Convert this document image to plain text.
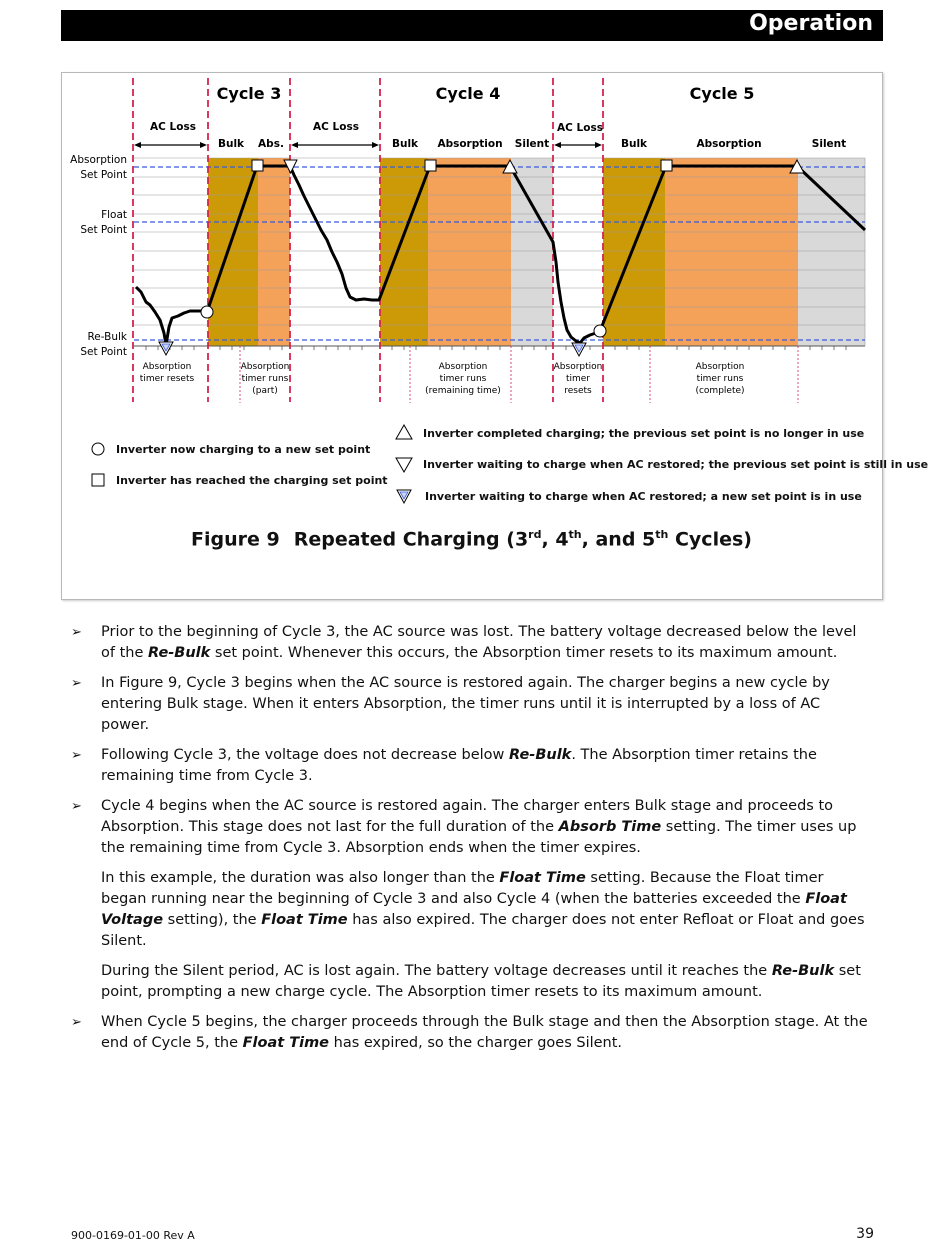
Operation
Cycle 3	Cycle 4	Cycle 5
AC Loss	AC Loss	AC Loss
Bulk Abs.	Bulk Absorption Silent	Bulk	Absorption	Silent
Absorption
Set Point
Float
Set Point
Re-Bulk
Set Point
Absorption
timer resets
Absorption
timer runs
(part)
Absorption
timer runs
(remaining time)
Absorption
timer
resets
Absorption
timer runs
(complete)
Inverter now charging to a new set point
Inverter has reached the charging set point
Inverter completed charging; the previous set point is no longer in use
Inverter waiting to charge when AC restored; the previous set point is still in use
Inverter waiting to charge when AC restored; a new set point is in use
Figure 9 Repeated Charging (3rd, 4th, and 5th Cycles)
➢ Prior to the beginning of Cycle 3, the AC source was lost. The battery voltage decreased below the level of the Re-Bulk set point. Whenever this occurs, the Absorption timer resets to its maximum amount.
➢ In Figure 9, Cycle 3 begins when the AC source is restored again. The charger begins a new cycle by entering Bulk stage. When it enters Absorption, the timer runs until it is interrupted by a loss of AC power.
➢ Following Cycle 3, the voltage does not decrease below Re-Bulk. The Absorption timer retains the remaining time from Cycle 3.
➢ Cycle 4 begins when the AC source is restored again. The charger enters Bulk stage and proceeds to Absorption. This stage does not last for the full duration of the Absorb Time setting. The timer uses up the remaining time from Cycle 3. Absorption ends when the timer expires.
In this example, the duration was also longer than the Float Time setting. Because the Float timer began running near the beginning of Cycle 3 and also Cycle 4 (when the batteries exceeded the Float Voltage setting), the Float Time has also expired. The charger does not enter Refloat or Float and goes Silent.
During the Silent period, AC is lost again. The battery voltage decreases until it reaches the Re-Bulk set point, prompting a new charge cycle. The Absorption timer resets to its maximum amount.
➢ When Cycle 5 begins, the charger proceeds through the Bulk stage and then the Absorption stage. At the end of Cycle 5, the Float Time has expired, so the charger goes Silent.
900-0169-01-00 Rev A	39
